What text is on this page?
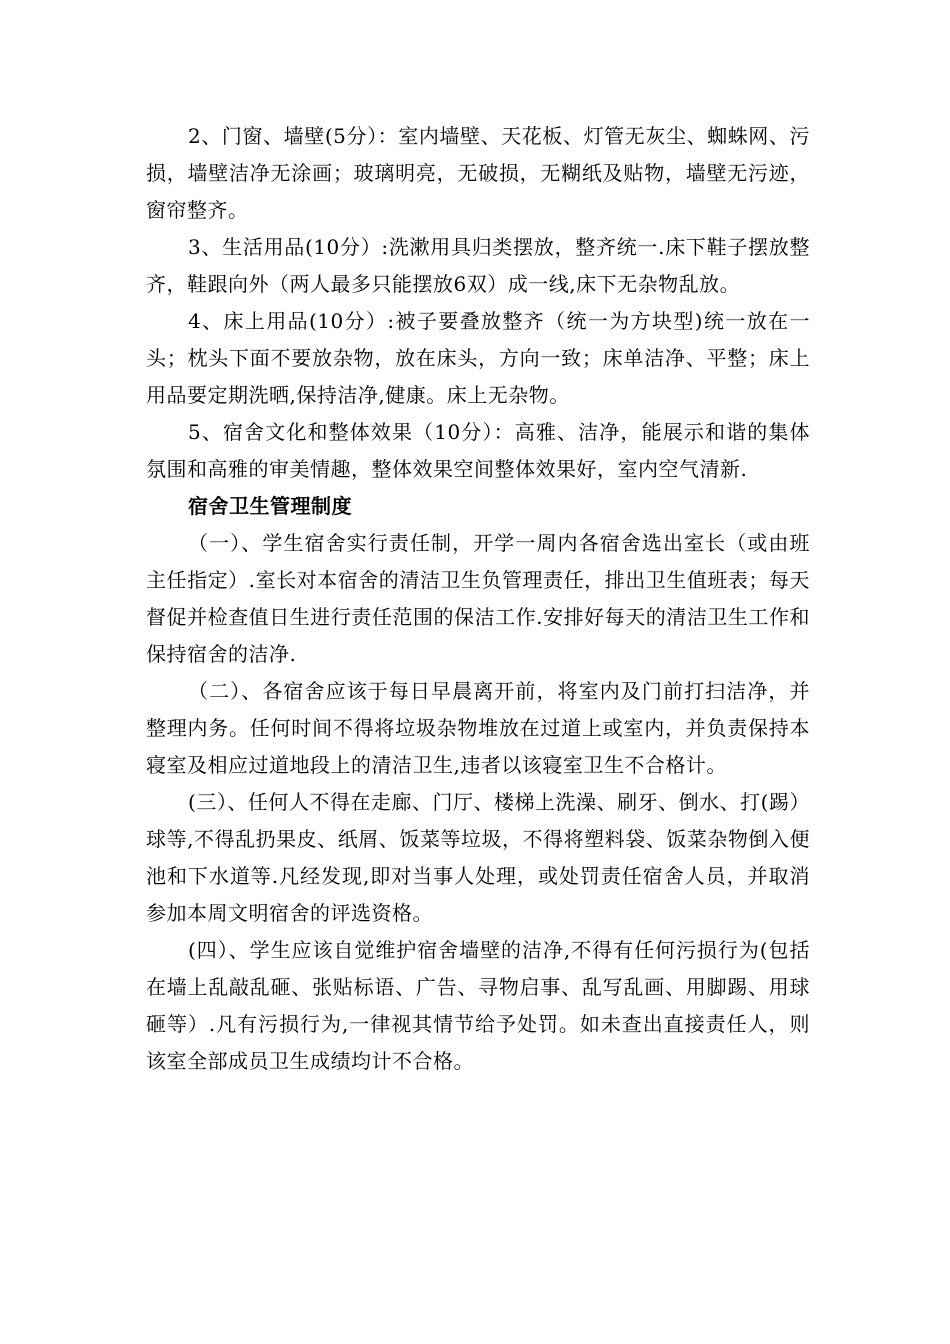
2、门窗、墙壁(5分）：室内墙壁、天花板、灯管无灰尘、蜘蛛网、污损，墙壁洁净无涂画；玻璃明亮，无破损，无糊纸及贴物，墙壁无污迹，窗帘整齐。

3、生活用品(10分）:洗漱用具归类摆放，整齐统一.床下鞋子摆放整齐，鞋跟向外（两人最多只能摆放6双）成一线,床下无杂物乱放。

4、床上用品(10分）:被子要叠放整齐（统一为方块型)统一放在一头；枕头下面不要放杂物，放在床头，方向一致；床单洁净、平整；床上用品要定期洗晒,保持洁净,健康。床上无杂物。

5、宿舍文化和整体效果（10分）：高雅、洁净，能展示和谐的集体氛围和高雅的审美情趣，整体效果空间整体效果好，室内空气清新.

宿舍卫生管理制度

（一）、学生宿舍实行责任制，开学一周内各宿舍选出室长（或由班主任指定）.室长对本宿舍的清洁卫生负管理责任，排出卫生值班表；每天督促并检查值日生进行责任范围的保洁工作.安排好每天的清洁卫生工作和保持宿舍的洁净.

（二）、各宿舍应该于每日早晨离开前，将室内及门前打扫洁净，并整理内务。任何时间不得将垃圾杂物堆放在过道上或室内，并负责保持本寝室及相应过道地段上的清洁卫生,违者以该寝室卫生不合格计。

(三）、任何人不得在走廊、门厅、楼梯上洗澡、刷牙、倒水、打(踢）球等,不得乱扔果皮、纸屑、饭菜等垃圾，不得将塑料袋、饭菜杂物倒入便池和下水道等.凡经发现,即对当事人处理，或处罚责任宿舍人员，并取消参加本周文明宿舍的评选资格。

(四）、学生应该自觉维护宿舍墙壁的洁净,不得有任何污损行为(包括在墙上乱敲乱砸、张贴标语、广告、寻物启事、乱写乱画、用脚踢、用球砸等）.凡有污损行为,一律视其情节给予处罚。如未查出直接责任人，则该室全部成员卫生成绩均计不合格。
